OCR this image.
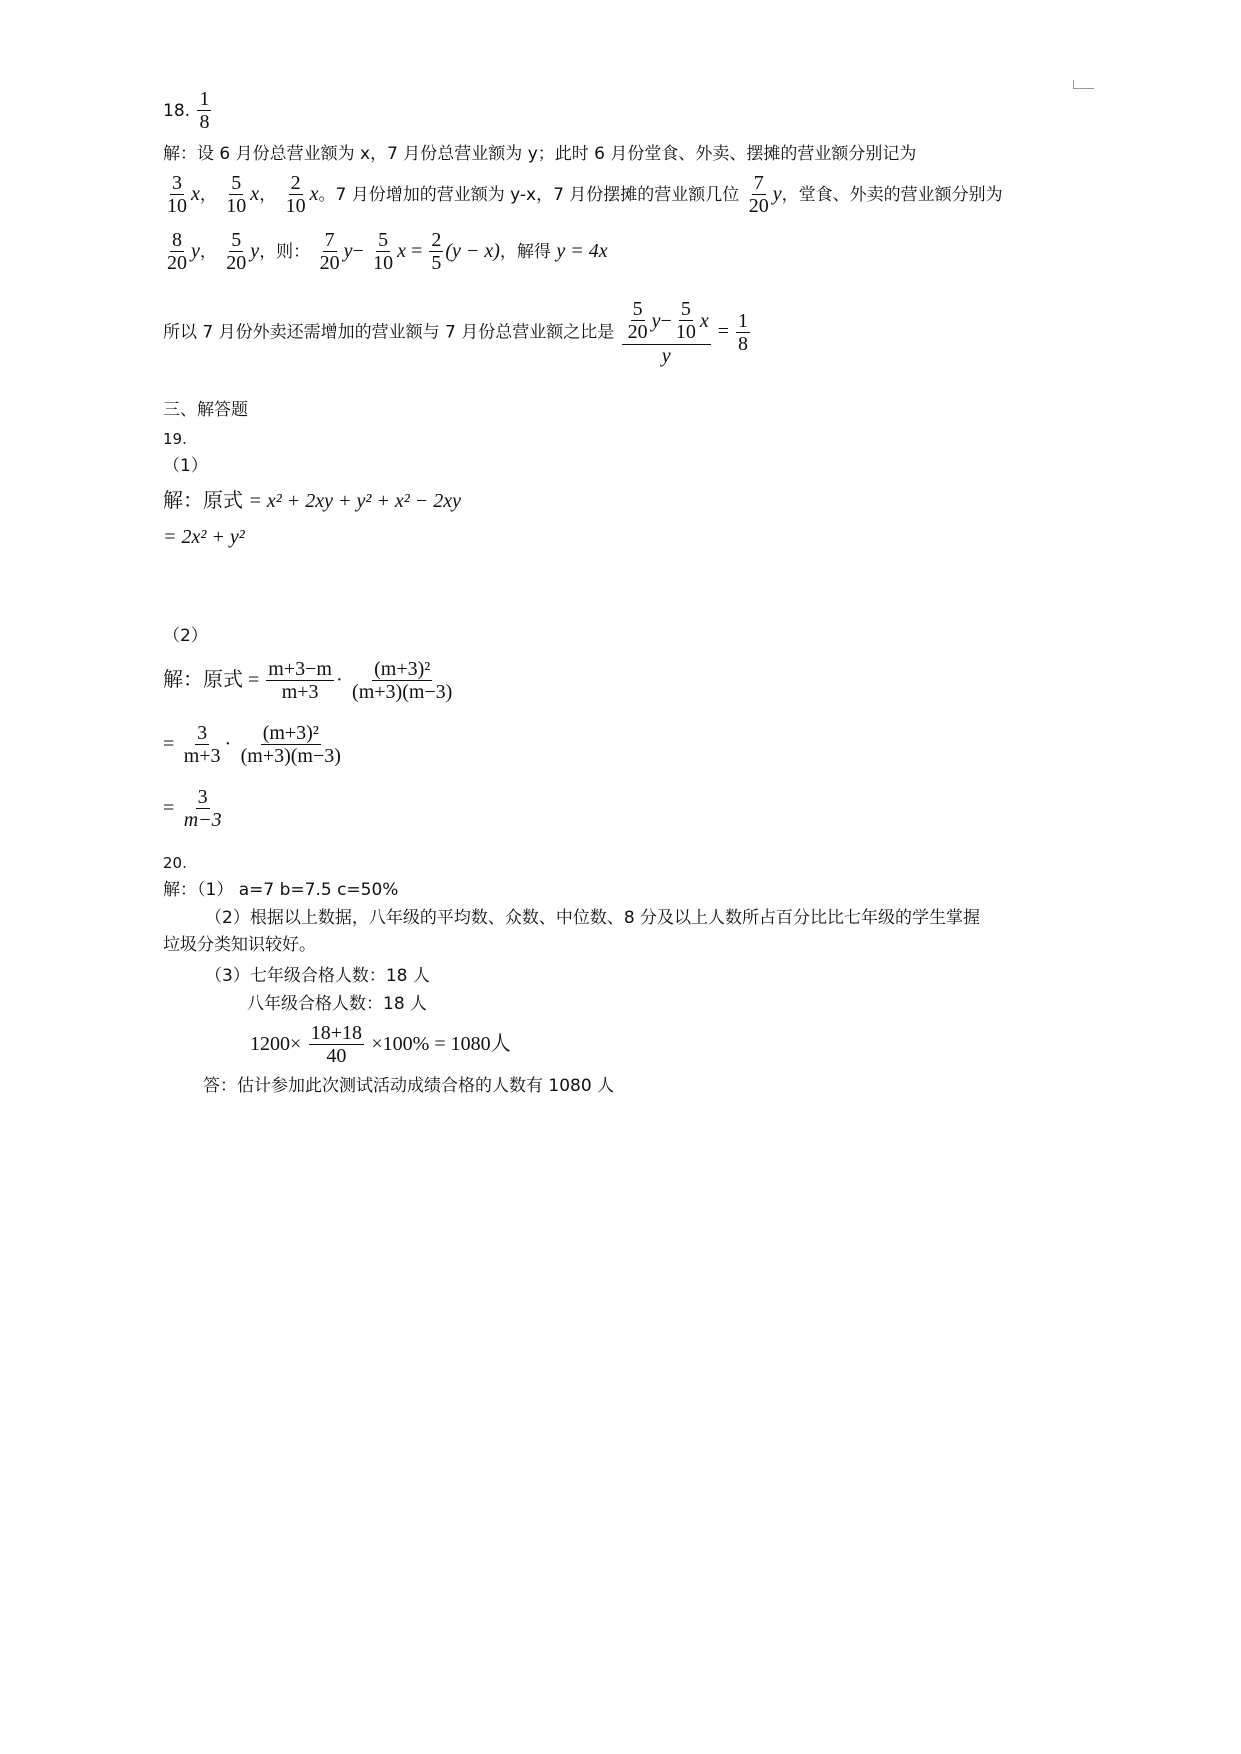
18. $\frac{1}{8}$
解：设 6 月份总营业额为 x，7 月份总营业额为 y；此时 6 月份堂食、外卖、摆摊的营业额分别记为
$\frac{3}{10}$ x， $\frac{5}{10}$ x， $\frac{2}{10}$ x。7 月份增加的营业额为 y-x，7 月份摆摊的营业额几位 $\frac{7}{20}$ y，堂食、外卖的营业额分别为
$\frac{8}{20}$ y， $\frac{5}{20}$ y，则： $\frac{7}{20} y- \frac{5}{10}$ $x = \frac{2}{5} (y - x)$，解得 y = 4x
所以 7 月份外卖还需增加的营业额与 7 月份总营业额之比是 5
20
$y - \frac{5}{10}$ x
$y = \frac{1}{8}$
三、解答题
19.
（1）
解：原式 = x² + 2xy + y² + x² − 2xy
= 2x² + y²
（2）
解：原式 = $\frac{m+3-m}{m+3} \cdot \frac{\text{(m+3)²}}{(m+3)(m-3)}$
= $\frac{3}{m+3} \cdot \frac{\text{(m+3)²}}{(m+3)(m-3)}$
= $\frac{3}{m-3}$
20.
解：（1） a=7 b=7.5 c=50%
（2）根据以上数据，八年级的平均数、众数、中位数、8 分及以上人数所占百分比比七年级的学生掌握
垃圾分类知识较好。
（3）七年级合格人数：18 人
八年级合格人数：18 人
$1200\times \frac{18+18}{40} \times 100\% = 1080$人
答：估计参加此次测试活动成绩合格的人数有 1080 人
